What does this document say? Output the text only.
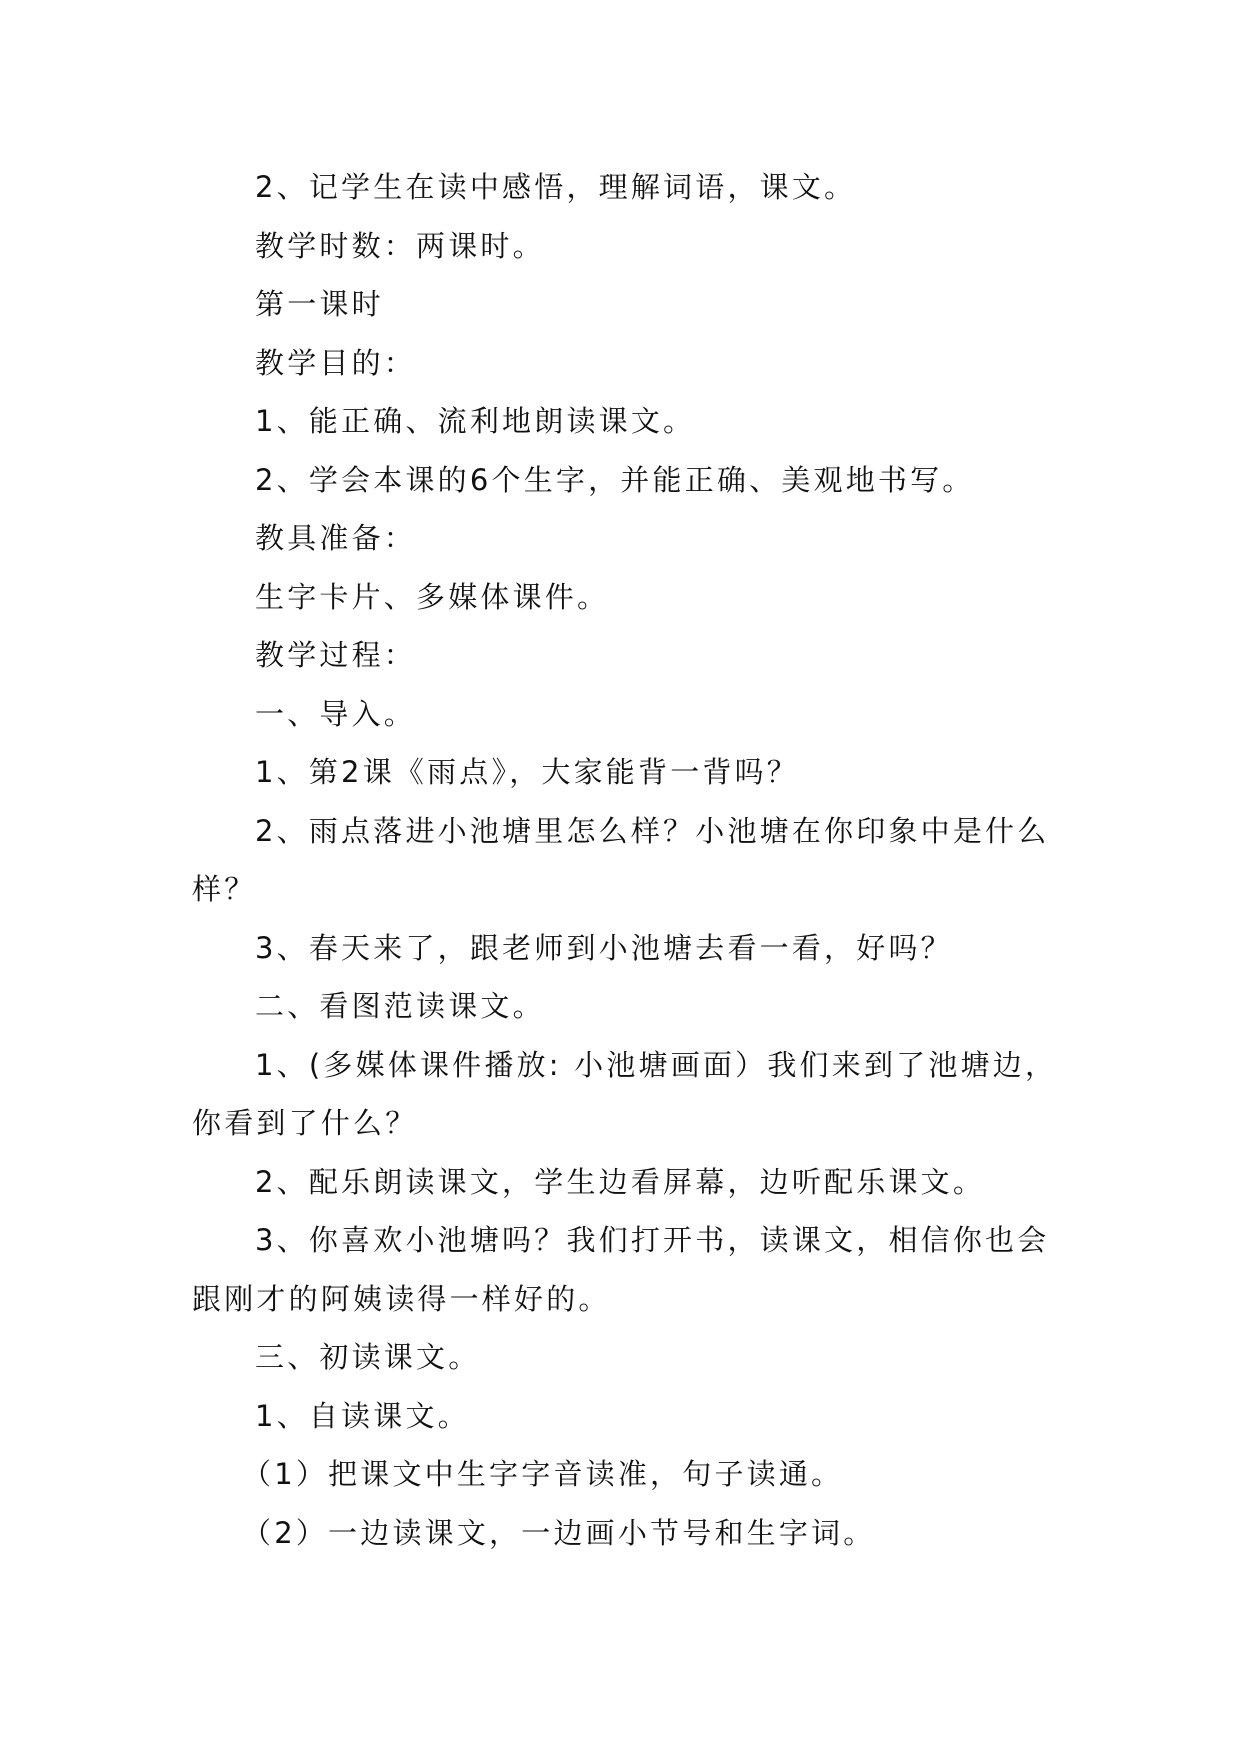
2、记学生在读中感悟，理解词语，课文。

教学时数：两课时。

第一课时

教学目的：

1、能正确、流利地朗读课文。

2、学会本课的6个生字，并能正确、美观地书写。

教具准备：

生字卡片、多媒体课件。

教学过程：

一、导入。

1、第2课《雨点》，大家能背一背吗？

2、雨点落进小池塘里怎么样？小池塘在你印象中是什么样？

3、春天来了，跟老师到小池塘去看一看，好吗？

二、看图范读课文。

1、(多媒体课件播放: 小池塘画面）我们来到了池塘边，你看到了什么？

2、配乐朗读课文，学生边看屏幕，边听配乐课文。

3、你喜欢小池塘吗？我们打开书，读课文，相信你也会跟刚才的阿姨读得一样好的。

三、初读课文。

1、自读课文。

（1）把课文中生字字音读准，句子读通。

（2）一边读课文，一边画小节号和生字词。
